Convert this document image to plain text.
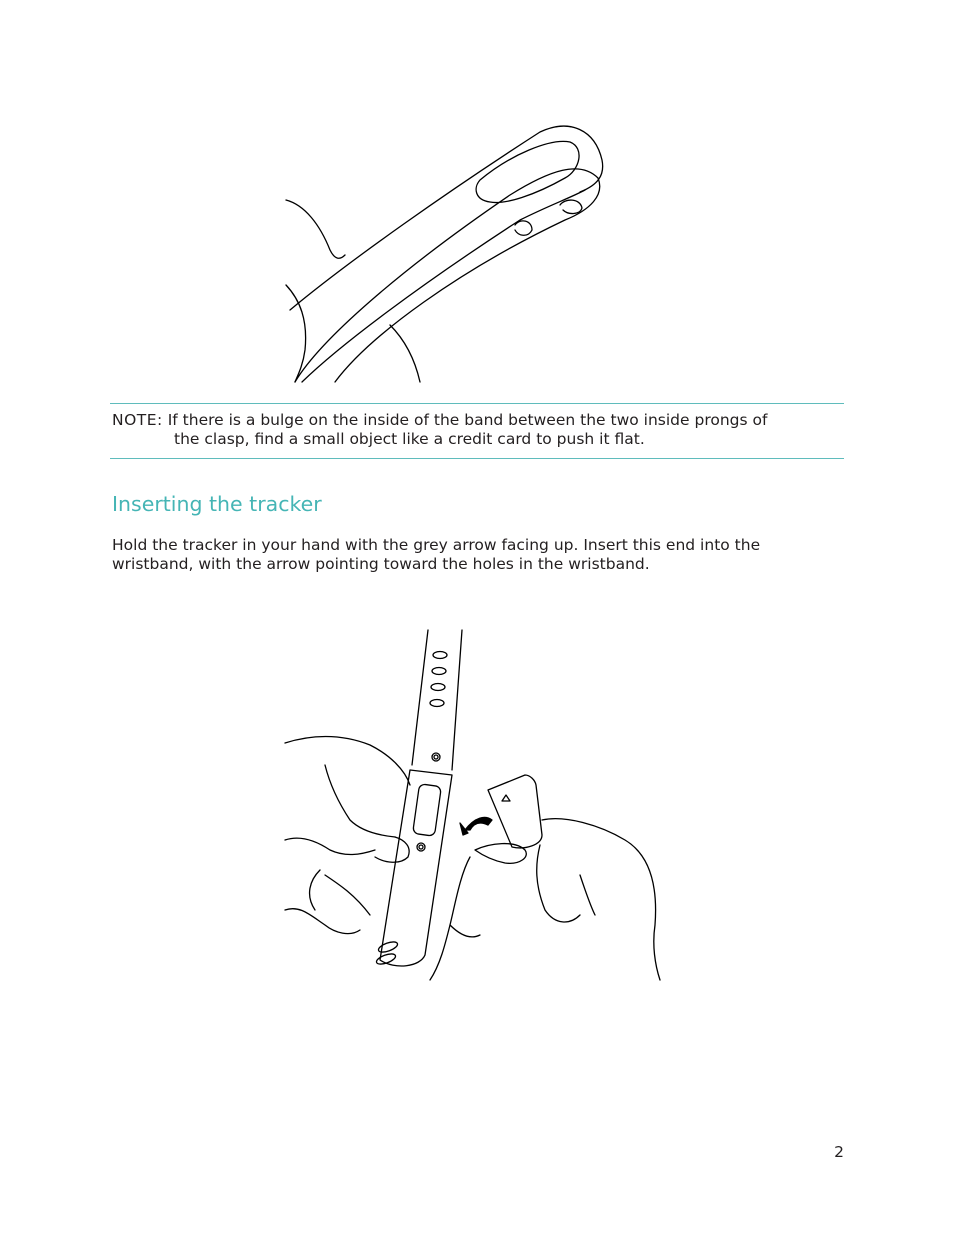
NOTE: If there is a bulge on the inside of the band between the two inside prongs of
the clasp, find a small object like a credit card to push it flat.
Inserting the tracker

Hold the tracker in your hand with the grey arrow facing up. Insert this end into the
wristband, with the arrow pointing toward the holes in the wristband.

2
